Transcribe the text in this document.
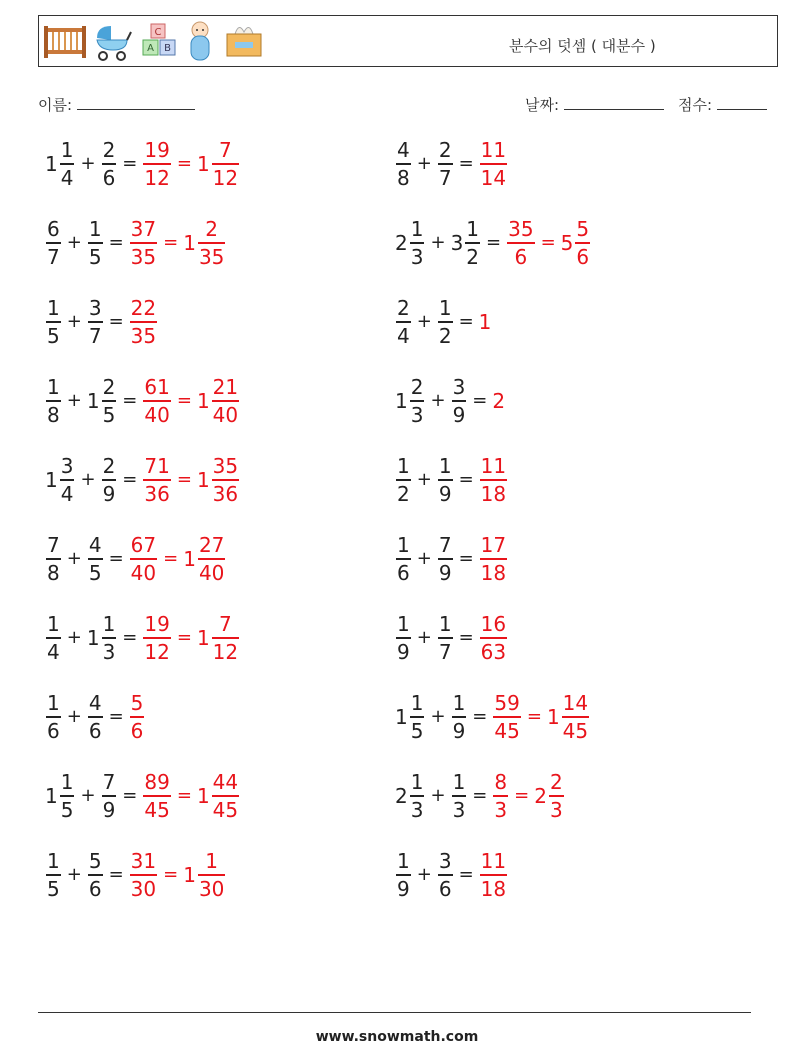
C
A B	분수의 덧셈 ( 대분수 )
이름:	날짜:	점수:
$1 \frac{1}{4} + \frac{2}{6} = \frac{19}{12} = 1 \frac{7}{12}$	$\frac{4}{8} + \frac{2}{7} = \frac{11}{14}$
$\frac{6}{7} + \frac{1}{5} = \frac{37}{35} = 1 \frac{2}{35}$	$2 \frac{1}{3} + 3 \frac{1}{2} = \frac{35}{6} = 5 \frac{5}{6}$
$\frac{1}{5} + \frac{3}{7} = \frac{22}{35}$	$\frac{2}{4} + \frac{1}{2} = 1$
$\frac{1}{8} + 1 \frac{2}{5} = \frac{61}{40} = 1 \frac{21}{40}$	$1 \frac{2}{3} + \frac{3}{9} = 2$
$1 \frac{3}{4} + \frac{2}{9} = \frac{71}{36} = 1 \frac{35}{36}$	$\frac{1}{2} + \frac{1}{9} = \frac{11}{18}$
$\frac{7}{8} + \frac{4}{5} = \frac{67}{40} = 1 \frac{27}{40}$	$\frac{1}{6} + \frac{7}{9} = \frac{17}{18}$
$\frac{1}{4} + 1 \frac{1}{3} = \frac{19}{12} = 1 \frac{7}{12}$	$\frac{1}{9} + \frac{1}{7} = \frac{16}{63}$
$\frac{1}{6} + \frac{4}{6} = \frac{5}{6}$	$1 \frac{1}{5} + \frac{1}{9} = \frac{59}{45} = 1 \frac{14}{45}$
$1 \frac{1}{5} + \frac{7}{9} = \frac{89}{45} = 1 \frac{44}{45}$	$2 \frac{1}{3} + \frac{1}{3} = \frac{8}{3} = 2 \frac{2}{3}$
$\frac{1}{5} + \frac{5}{6} = \frac{31}{30} = 1 \frac{1}{30}$	$\frac{1}{9} + \frac{3}{6} = \frac{11}{18}$
www.snowmath.com
